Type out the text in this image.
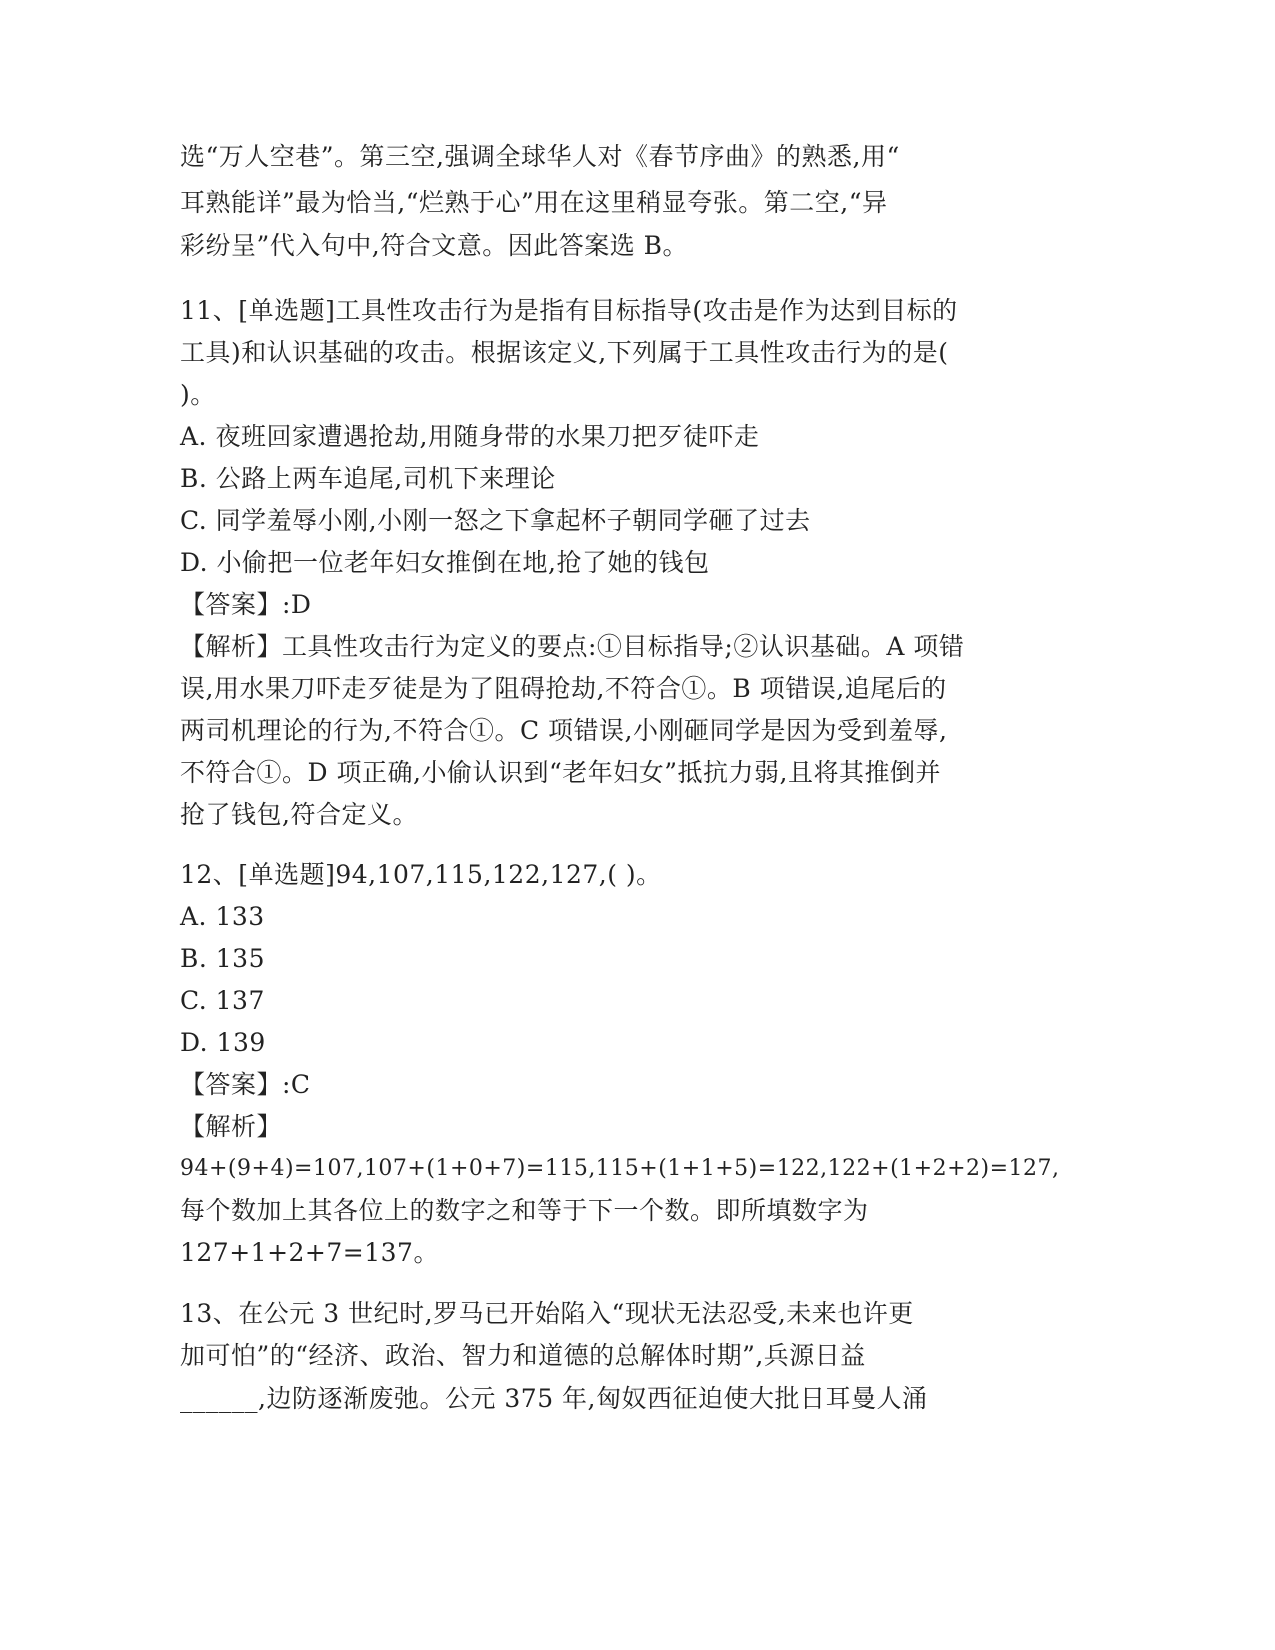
选“万人空巷”。第三空,强调全球华人对《春节序曲》的熟悉,用“
耳熟能详”最为恰当,“烂熟于心”用在这里稍显夸张。第二空,“异
彩纷呈”代入句中,符合文意。因此答案选 B。
11、[单选题]工具性攻击行为是指有目标指导(攻击是作为达到目标的
工具)和认识基础的攻击。根据该定义,下列属于工具性攻击行为的是(
)。
A. 夜班回家遭遇抢劫,用随身带的水果刀把歹徒吓走
B. 公路上两车追尾,司机下来理论
C. 同学羞辱小刚,小刚一怒之下拿起杯子朝同学砸了过去
D. 小偷把一位老年妇女推倒在地,抢了她的钱包
【答案】:D
【解析】工具性攻击行为定义的要点:①目标指导;②认识基础。A 项错
误,用水果刀吓走歹徒是为了阻碍抢劫,不符合①。B 项错误,追尾后的
两司机理论的行为,不符合①。C 项错误,小刚砸同学是因为受到羞辱,
不符合①。D 项正确,小偷认识到“老年妇女”抵抗力弱,且将其推倒并
抢了钱包,符合定义。
12、[单选题]94,107,115,122,127,( )。
A. 133
B. 135
C. 137
D. 139
【答案】:C
【解析】
94+(9+4)=107,107+(1+0+7)=115,115+(1+1+5)=122,122+(1+2+2)=127,
每个数加上其各位上的数字之和等于下一个数。即所填数字为
127+1+2+7=137。
13、在公元 3 世纪时,罗马已开始陷入“现状无法忍受,未来也许更
加可怕”的“经济、政治、智力和道德的总解体时期”,兵源日益
______,边防逐渐废弛。公元 375 年,匈奴西征迫使大批日耳曼人涌
